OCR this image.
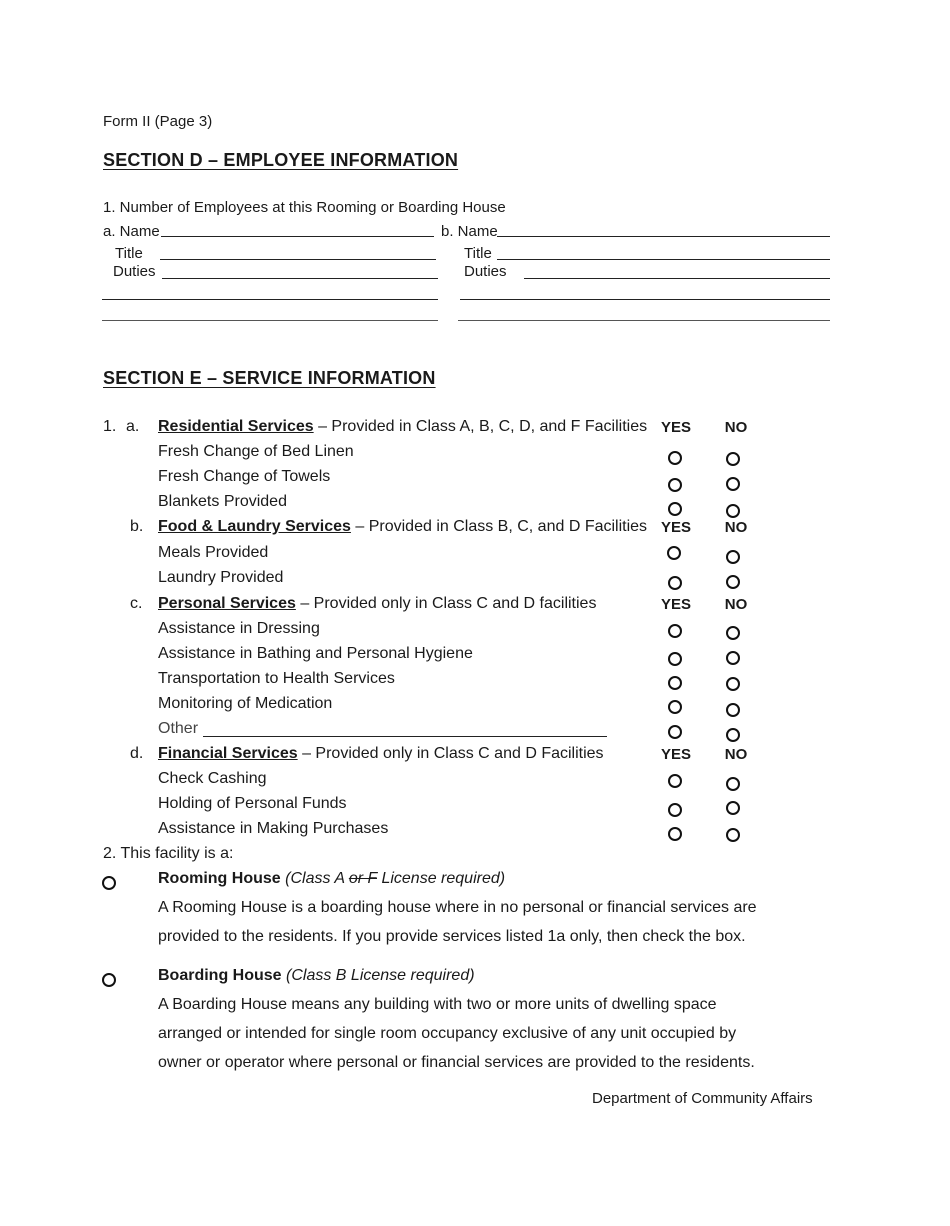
Form II (Page 3)
SECTION D – EMPLOYEE INFORMATION
1. Number of Employees at this Rooming or Boarding House
a. Name	b. Name
Title	Title
Duties	Duties
SECTION E – SERVICE INFORMATION
1. a. Residential Services – Provided in Class A, B, C, D, and F Facilities YES	NO
Fresh Change of Bed Linen
Fresh Change of Towels
Blankets Provided
b. Food & Laundry Services – Provided in Class B, C, and D Facilities YES	NO
Meals Provided
Laundry Provided
c. Personal Services – Provided only in Class C and D facilities	YES	NO
Assistance in Dressing
Assistance in Bathing and Personal Hygiene
Transportation to Health Services
Monitoring of Medication
Other
d. Financial Services – Provided only in Class C and D Facilities	YES	NO
Check Cashing
Holding of Personal Funds
Assistance in Making Purchases
2. This facility is a:
Rooming House (Class A or F License required)
A Rooming House is a boarding house where in no personal or financial services are
provided to the residents. If you provide services listed 1a only, then check the box.
Boarding House (Class B License required)
A Boarding House means any building with two or more units of dwelling space
arranged or intended for single room occupancy exclusive of any unit occupied by
owner or operator where personal or financial services are provided to the residents.
Department of Community Affairs
